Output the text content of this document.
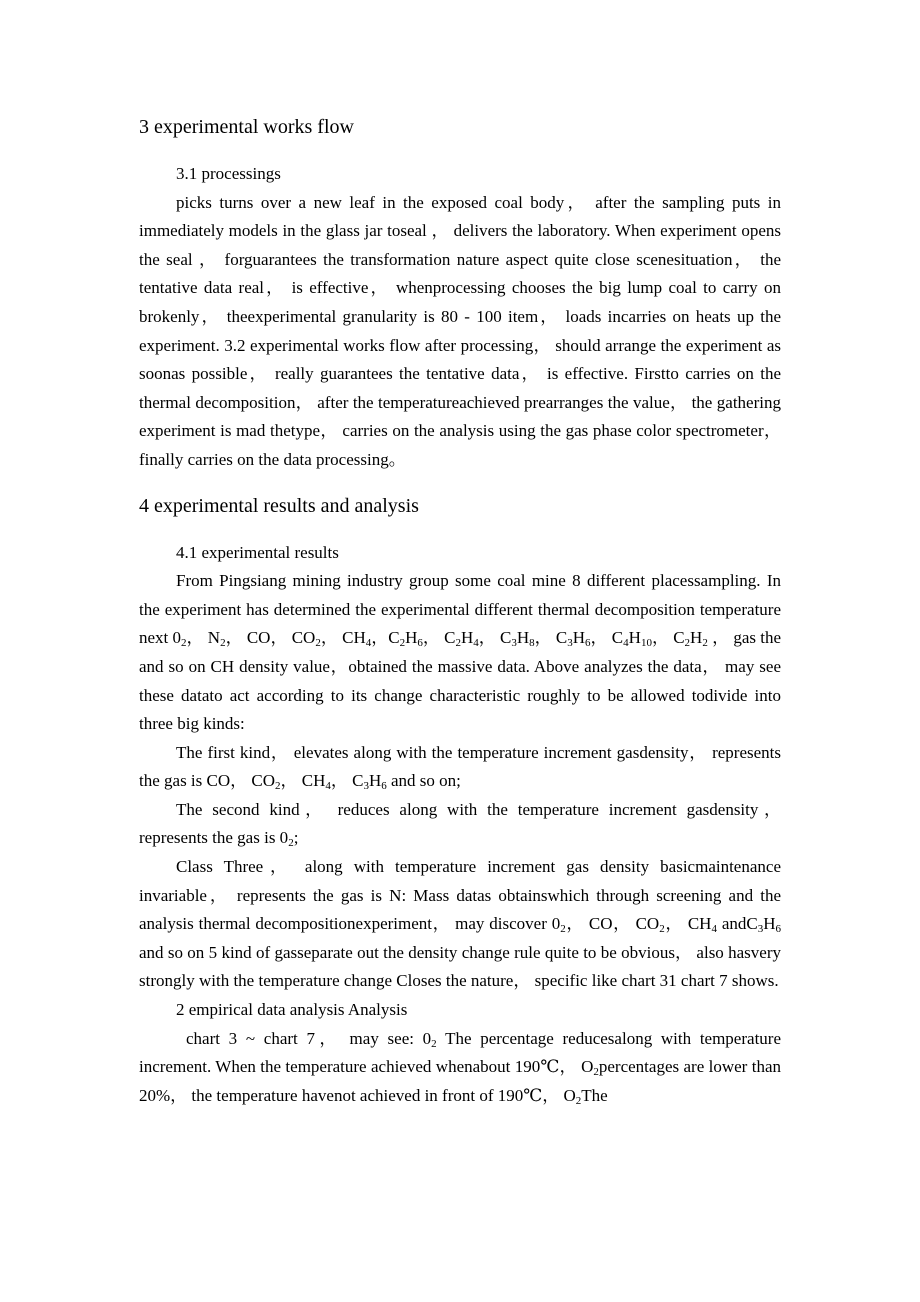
3 experimental works flow
3.1 processings

picks turns over a new leaf in the exposed coal body， after the sampling puts in immediately models in the glass jar toseal ， delivers the laboratory. When experiment opens the seal ， forguarantees the transformation nature aspect quite close scenesituation， the tentative data real， is effective， whenprocessing chooses the big lump coal to carry on brokenly， theexperimental granularity is 80 - 100 item， loads incarries on heats up the experiment. 3.2 experimental works flow after processing， should arrange the experiment as soonas possible， really guarantees the tentative data， is effective. Firstto carries on the thermal decomposition， after the temperatureachieved prearranges the value， the gathering experiment is mad thetype， carries on the analysis using the gas phase color spectrometer， finally carries on the data processing。

4 experimental results and analysis
4.1 experimental results

From Pingsiang mining industry group some coal mine 8 different placessampling. In the experiment has determined the experimental different thermal decomposition temperature next $0_2$， $N_2$， CO， $CO_2$， $CH_4$，$C_2H_6$， $C_2H_4$， $C_3H_8$， $C_3H_6$， $C_4H_{10}$， $C_2H_2$ ， gas the and so on CH density value，obtained the massive data. Above analyzes the data， may see these datato act according to its change characteristic roughly to be allowed todivide into three big kinds:

The first kind， elevates along with the temperature increment gasdensity， represents the gas is CO， $CO_2$， $CH_4$， $C_3H_6$ and so on;

The second kind， reduces along with the temperature increment gasdensity， represents the gas is $0_2$;

Class Three， along with temperature increment gas density basicmaintenance invariable， represents the gas is N: Mass datas obtainswhich through screening and the analysis thermal decompositionexperiment， may discover $0_2$， CO， $CO_2$， $CH_4$ $andC_3H_6$ and so on 5 kind of gasseparate out the density change rule quite to be obvious， also hasvery strongly with the temperature change Closes the nature， specific like chart 31 chart 7 shows.

2 empirical data analysis Analysis

chart 3 ~ chart 7， may see: $0_2$ The percentage reducesalong with temperature increment. When the temperature achieved whenabout 190℃， $O_2percentages$ are lower than 20%， the temperature havenot achieved in front of 190℃， $O_2The$
